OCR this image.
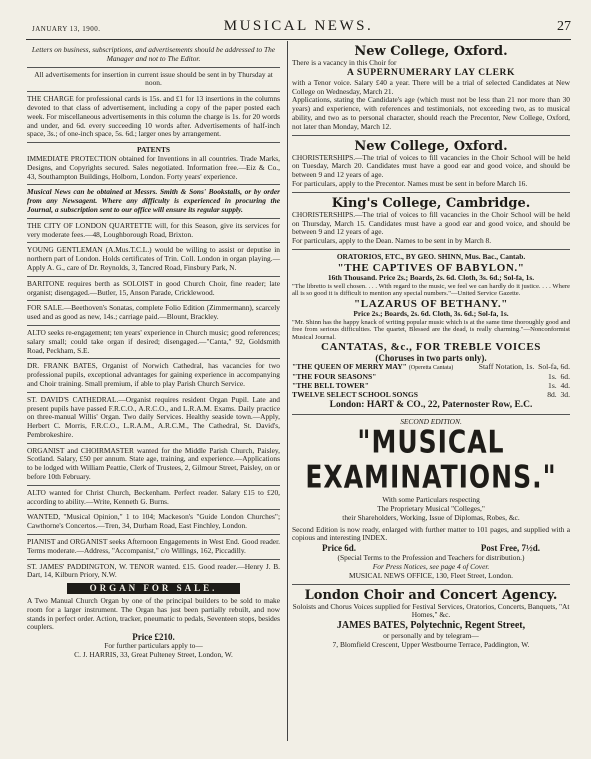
JANUARY 13, 1900.	MUSICAL NEWS.	27

Letters on business, subscriptions, and advertisements should be addressed to The Manager and not to The Editor.

All advertisements for insertion in current issue should be sent in by Thursday at noon.

THE CHARGE for professional cards is 15s. and £1 for 13 insertions in the columns devoted to that class of advertisement, including a copy of the paper posted each week. For miscellaneous advertisements in this column the charge is 1s. for 20 words and under, and 6d. every succeeding 10 words after. Advertisements of half-inch space, 3s.; of one-inch space, 5s. 6d.; larger ones by arrangement.

PATENTS

IMMEDIATE PROTECTION obtained for Inventions in all countries. Trade Marks, Designs, and Copyrights secured. Sales negotiated. Information free.—Eiz & Co., 43, Southampton Buildings, Holborn, London. Forty years' experience.

Musical News can be obtained at Messrs. Smith & Sons' Bookstalls, or by order from any Newsagent. Where any difficulty is experienced in procuring the Journal, a subscription sent to our office will ensure its regular supply.

THE CITY OF LONDON QUARTETTE will, for this Season, give its services for very moderate fees.—48, Loughborough Road, Brixton.

YOUNG GENTLEMAN (A.Mus.T.C.L.) would be willing to assist or deputise in northern part of London. Holds certificates of Trin. Coll. London in organ playing.—Apply A. G., care of Dr. Reynolds, 3, Tancred Road, Finsbury Park, N.

BARITONE requires berth as SOLOIST in good Church Choir, fine reader; late organist; disengaged.—Butler, 15, Anson Parade, Cricklewood.

FOR SALE.—Beethoven's Sonatas, complete Folio Edition (Zimmermann), scarcely used and as good as new, 14s.; carriage paid.—Blount, Brackley.

ALTO seeks re-engagement; ten years' experience in Church music; good references; salary small; could take organ if desired; disengaged.—"Canta," 92, Goldsmith Road, Peckham, S.E.

DR. FRANK BATES, Organist of Norwich Cathedral, has vacancies for two professional pupils, exceptional advantages for gaining experience in accompanying and Choir training. Small premium, if able to play Parish Church Service.

ST. DAVID'S CATHEDRAL.—Organist requires resident Organ Pupil. Late and present pupils have passed F.R.C.O., A.R.C.O., and L.R.A.M. Exams. Daily practice on three-manual Willis' Organ. Two daily Services. Healthy seaside town.—Apply, Herbert C. Morris, F.R.C.O., L.R.A.M., A.R.C.M., The Cathedral, St. David's, Pembrokeshire.

ORGANIST and CHOIRMASTER wanted for the Middle Parish Church, Paisley, Scotland. Salary, £50 per annum. State age, training, and experience.—Applications to be lodged with William Peattie, Clerk of Trustees, 2, Gilmour Street, Paisley, on or before 10th February.

ALTO wanted for Christ Church, Beckenham. Perfect reader. Salary £15 to £20, according to ability.—Write, Kenneth G. Burns.

WANTED, "Musical Opinion," 1 to 104; Mackeson's "Guide London Churches"; Cawthorne's Concertos.—Tren, 34, Durham Road, East Finchley, London.

PIANIST and ORGANIST seeks Afternoon Engagements in West End. Good reader. Terms moderate.—Address, "Accompanist," c/o Willings, 162, Piccadilly.

ST. JAMES' PADDINGTON, W. TENOR wanted. £15. Good reader.—Henry J. B. Dart, 14, Kilburn Priory, N.W.

ORGAN FOR SALE.

A Two Manual Church Organ by one of the principal builders to be sold to make room for a larger instrument. The Organ has just been partially rebuilt, and now stands in perfect order. Action, tracker, pneumatic to pedals, Seventeen stops, besides couplers.

Price £210.

For further particulars apply to—

C. J. HARRIS, 33, Great Pulteney Street, London, W.

New College, Oxford.

There is a vacancy in this Choir for

A SUPERNUMERARY LAY CLERK

with a Tenor voice. Salary £40 a year. There will be a trial of selected Candidates at New College on Wednesday, March 21.

Applications, stating the Candidate's age (which must not be less than 21 nor more than 30 years) and experience, with references and testimonials, not exceeding two, as to musical ability, and two as to personal character, should reach the Precentor, New College, Oxford, not later than Monday, March 12.

New College, Oxford.

CHORISTERSHIPS.—The trial of voices to fill vacancies in the Choir School will be held on Tuesday, March 20. Candidates must have a good ear and good voice, and should be between 9 and 12 years of age.

For particulars, apply to the Precentor. Names must be sent in before March 16.

King's College, Cambridge.

CHORISTERSHIPS.—The trial of voices to fill vacancies in the Choir School will be held on Thursday, March 15. Candidates must have a good ear and good voice, and should be between 9 and 12 years of age.

For particulars, apply to the Dean. Names to be sent in by March 8.

ORATORIOS, ETC., BY GEO. SHINN, Mus. Bac., Cantab.

"THE CAPTIVES OF BABYLON."

16th Thousand. Price 2s.; Boards, 2s. 6d. Cloth, 3s. 6d.; Sol-fa, 1s.

"The libretto is well chosen. . . . With regard to the music, we feel we can hardly do it justice. . . . Where all is so good it is difficult to mention any special numbers."—United Service Gazette.

"LAZARUS OF BETHANY."

Price 2s.; Boards, 2s. 6d. Cloth, 3s. 6d.; Sol-fa, 1s.

"Mr. Shinn has the happy knack of writing popular music which is at the same time thoroughly good and free from serious difficulties. The quartet, Blessed are the dead, is really charming."—Nonconformist Musical Journal.

CANTATAS, &c., FOR TREBLE VOICES

(Choruses in two parts only).

"THE QUEEN OF MERRY MAY" (Operetta Cantata)	Staff Notation, 1s. Sol-fa, 6d.
"THE FOUR SEASONS"	1s. 6d.
"THE BELL TOWER"	1s. 4d.
TWELVE SELECT SCHOOL SONGS	8d. 3d.

London: HART & CO., 22, Paternoster Row, E.C.

SECOND EDITION.

"MUSICAL EXAMINATIONS."

With some Particulars respecting

The Proprietary Musical "Colleges,"

their Shareholders, Working, Issue of Diplomas, Robes, &c.

Second Edition is now ready, enlarged with further matter to 101 pages, and supplied with a copious and interesting INDEX.

Price 6d.	Post Free, 7½d.

(Special Terms to the Profession and Teachers for distribution.)

For Press Notices, see page 4 of Cover.

MUSICAL NEWS OFFICE, 130, Fleet Street, London.

London Choir and Concert Agency.

Soloists and Chorus Voices supplied for Festival Services, Oratorios, Concerts, Banquets, "At Homes," &c.

JAMES BATES, Polytechnic, Regent Street,

or personally and by telegram—

7, Blomfield Crescent, Upper Westbourne Terrace, Paddington, W.
